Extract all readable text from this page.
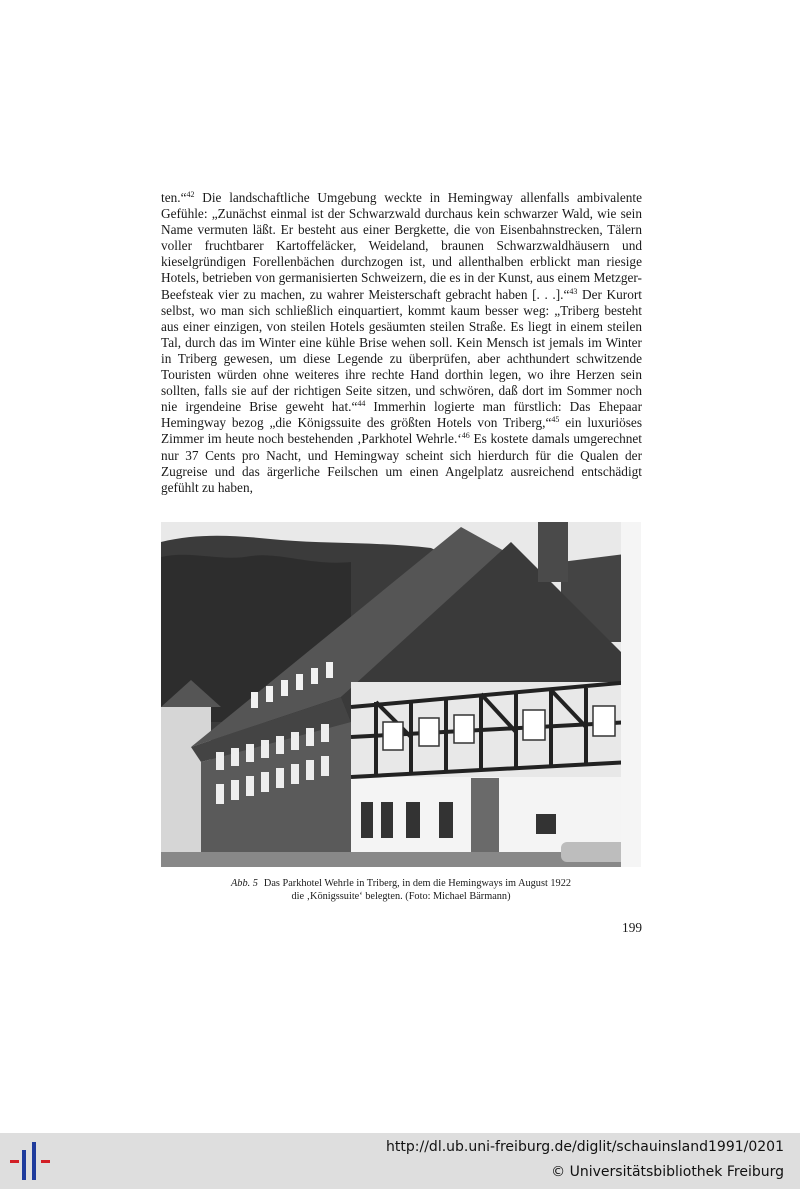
ten.“$^{42}$ Die landschaftliche Umgebung weckte in Hemingway allenfalls ambivalente Gefühle: „Zunächst einmal ist der Schwarzwald durchaus kein schwarzer Wald, wie sein Name vermuten läßt. Er besteht aus einer Bergkette, die von Eisenbahnstrecken, Tälern voller fruchtbarer Kartoffeläcker, Weideland, braunen Schwarzwaldhäusern und kieselgründigen Forellenbächen durchzogen ist, und allenthalben erblickt man riesige Hotels, betrieben von germanisierten Schweizern, die es in der Kunst, aus einem Metzger-Beefsteak vier zu machen, zu wahrer Meisterschaft gebracht haben [. . .].“$^{43}$ Der Kurort selbst, wo man sich schließlich einquartiert, kommt kaum besser weg: „Triberg besteht aus einer einzigen, von steilen Hotels gesäumten steilen Straße. Es liegt in einem steilen Tal, durch das im Winter eine kühle Brise wehen soll. Kein Mensch ist jemals im Winter in Triberg gewesen, um diese Legende zu überprüfen, aber achthundert schwitzende Touristen würden ohne weiteres ihre rechte Hand dorthin legen, wo ihre Herzen sein sollten, falls sie auf der richtigen Seite sitzen, und schwören, daß dort im Sommer noch nie irgendeine Brise geweht hat.“$^{44}$ Immerhin logierte man fürstlich: Das Ehepaar Hemingway bezog „die Königssuite des größten Hotels von Triberg,“$^{45}$ ein luxuriöses Zimmer im heute noch bestehenden ‚Parkhotel Wehrle.‘$^{46}$ Es kostete damals umgerechnet nur 37 Cents pro Nacht, und Hemingway scheint sich hierdurch für die Qualen der Zugreise und das ärgerliche Feilschen um einen Angelplatz ausreichend entschädigt gefühlt zu haben,

Abb. 5 Das Parkhotel Wehrle in Triberg, in dem die Hemingways im August 1922
die ‚Königssuite‘ belegten. (Foto: Michael Bärmann)
199
http://dl.ub.uni-freiburg.de/diglit/schauinsland1991/0201
© Universitätsbibliothek Freiburg
